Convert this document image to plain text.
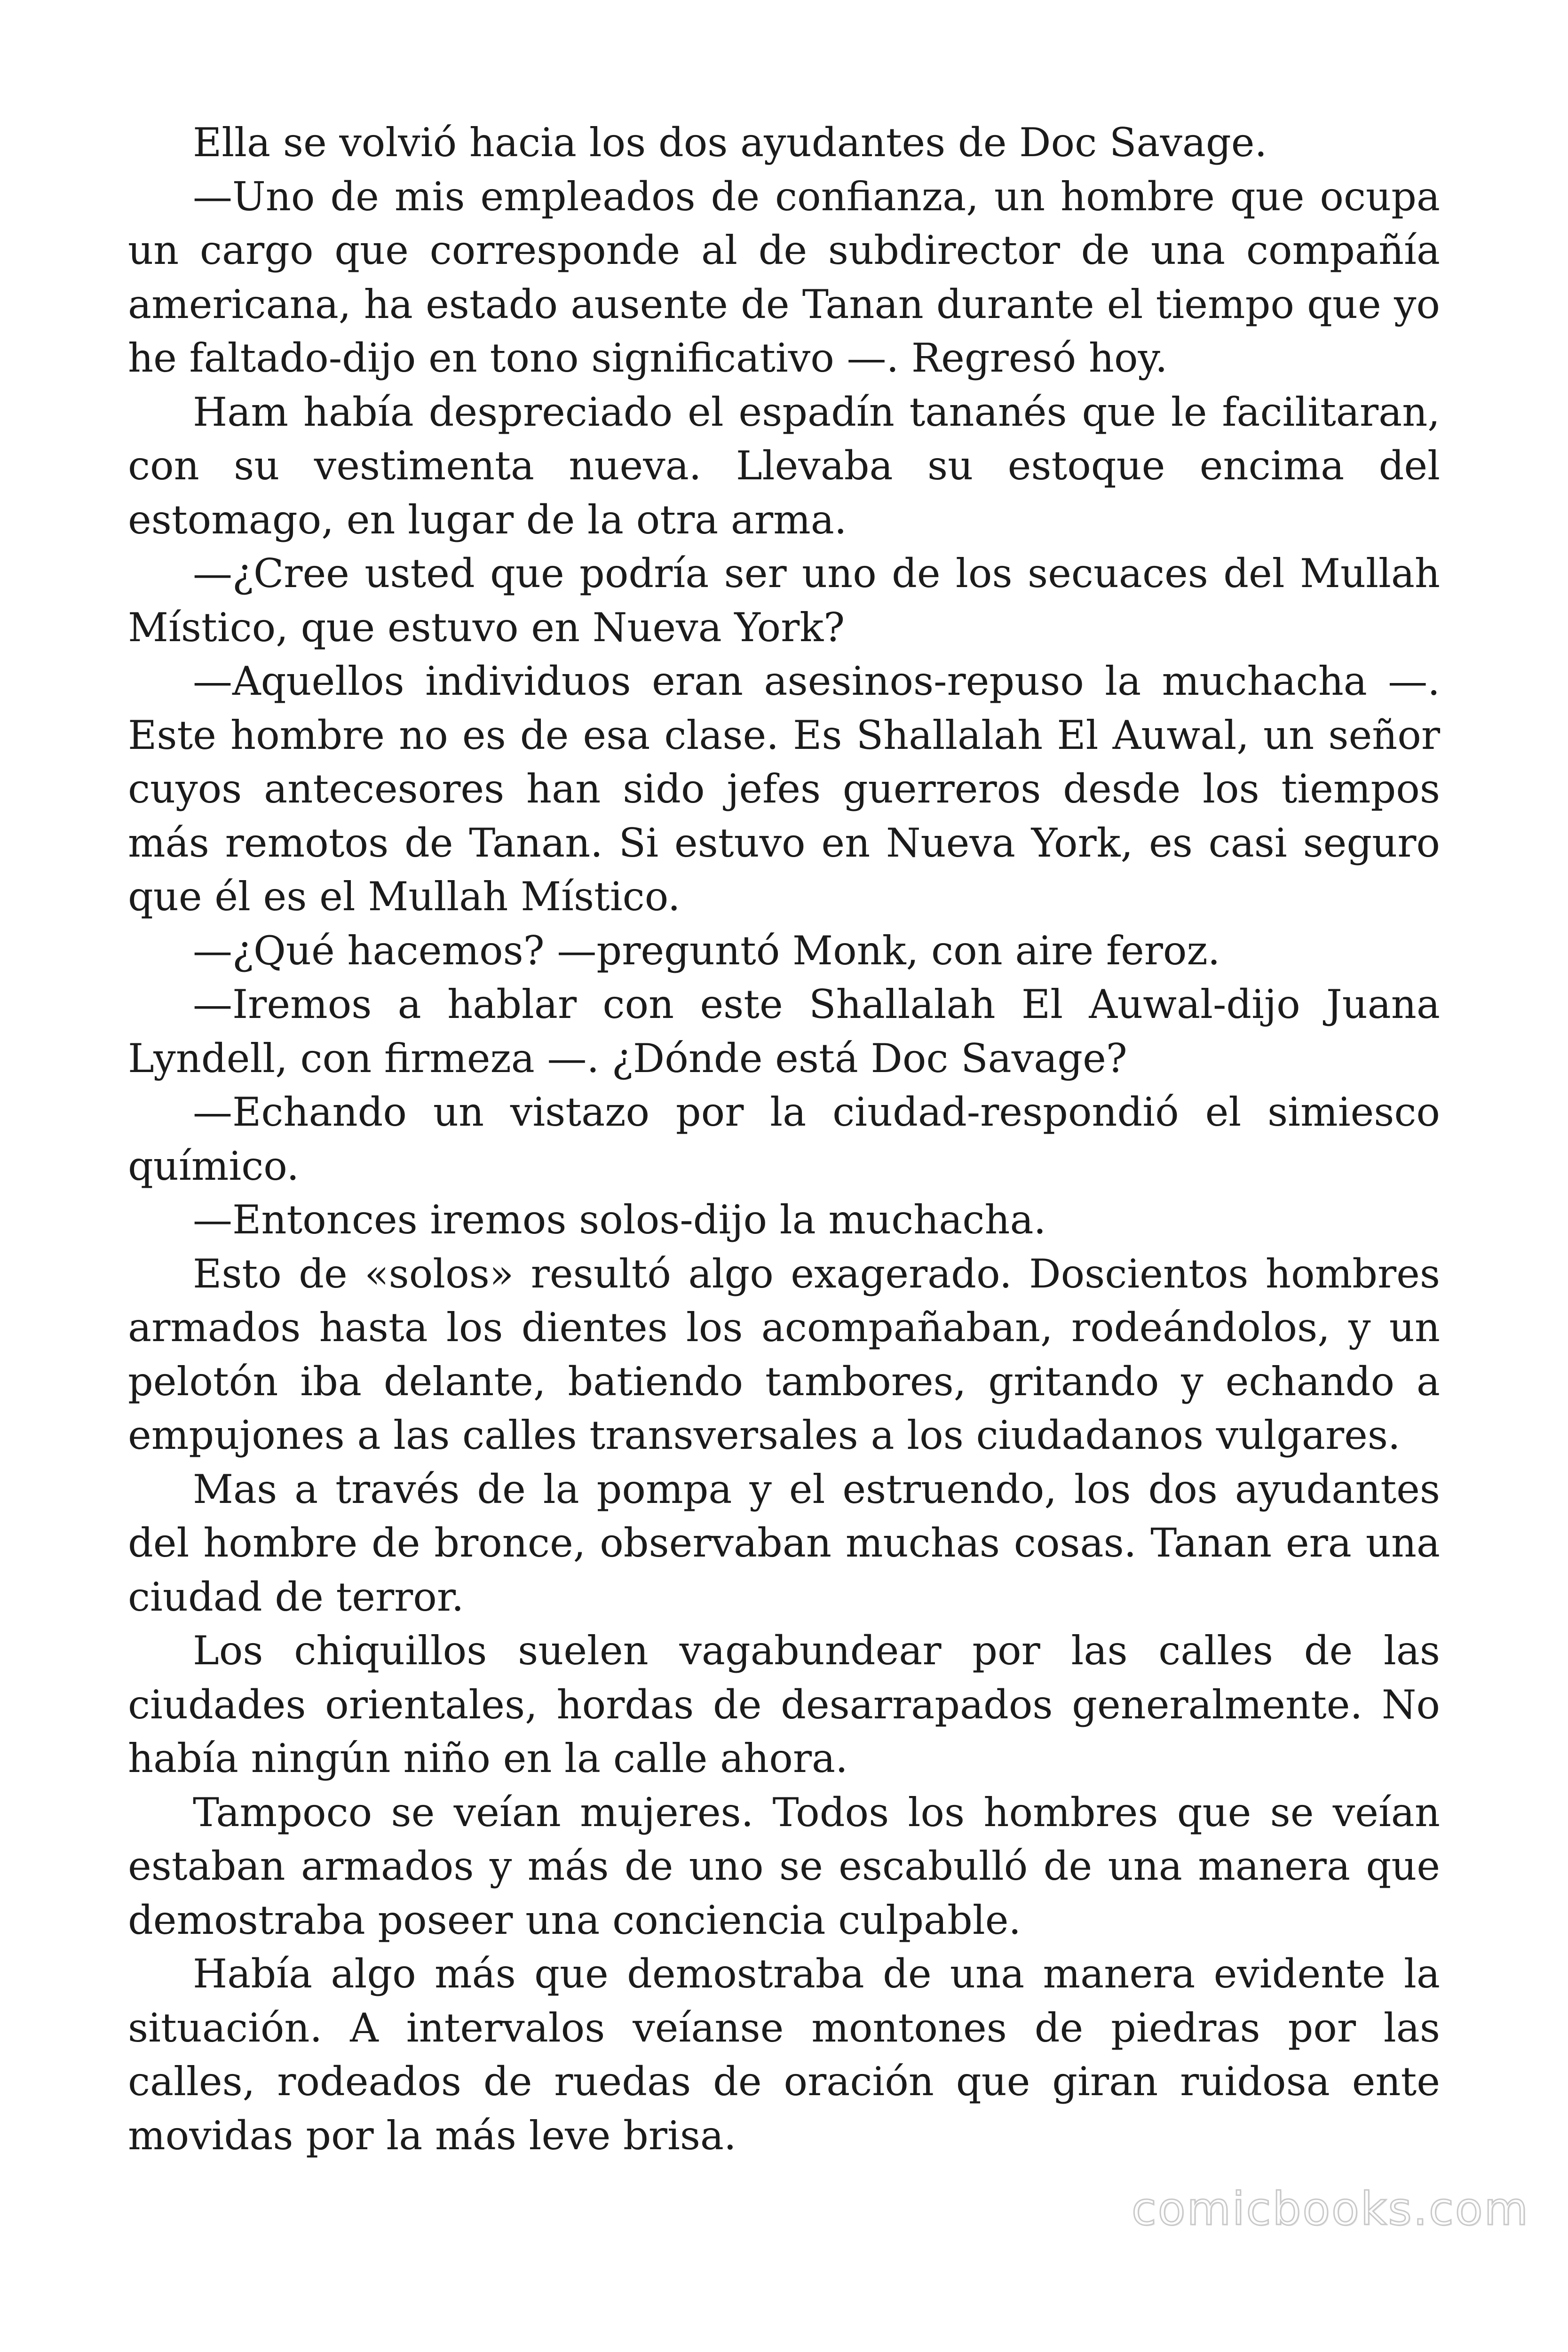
Ella se volvió hacia los dos ayudantes de Doc Savage.

—Uno de mis empleados de confianza, un hombre que ocupa un cargo que corresponde al de subdirector de una compañía americana, ha estado ausente de Tanan durante el tiempo que yo he faltado-dijo en tono significativo —. Regresó hoy.

Ham había despreciado el espadín tananés que le facilitaran, con su vestimenta nueva. Llevaba su estoque encima del estomago, en lugar de la otra arma.

—¿Cree usted que podría ser uno de los secuaces del Mullah Místico, que estuvo en Nueva York?

—Aquellos individuos eran asesinos-repuso la muchacha —. Este hombre no es de esa clase. Es Shallalah El Auwal, un señor cuyos antecesores han sido jefes guerreros desde los tiempos más remotos de Tanan. Si estuvo en Nueva York, es casi seguro que él es el Mullah Místico.

—¿Qué hacemos? —preguntó Monk, con aire feroz.

—Iremos a hablar con este Shallalah El Auwal-dijo Juana Lyndell, con firmeza —. ¿Dónde está Doc Savage?

—Echando un vistazo por la ciudad-respondió el simiesco químico.

—Entonces iremos solos-dijo la muchacha.

Esto de «solos» resultó algo exagerado. Doscientos hombres armados hasta los dientes los acompañaban, rodeándolos, y un pelotón iba delante, batiendo tambores, gritando y echando a empujones a las calles transversales a los ciudadanos vulgares.

Mas a través de la pompa y el estruendo, los dos ayudantes del hombre de bronce, observaban muchas cosas. Tanan era una ciudad de terror.

Los chiquillos suelen vagabundear por las calles de las ciudades orientales, hordas de desarrapados generalmente. No había ningún niño en la calle ahora.

Tampoco se veían mujeres. Todos los hombres que se veían estaban armados y más de uno se escabulló de una manera que demostraba poseer una conciencia culpable.

Había algo más que demostraba de una manera evidente la situación. A intervalos veíanse montones de piedras por las calles, rodeados de ruedas de oración que giran ruidosa ente movidas por la más leve brisa.

comicbooks.com
